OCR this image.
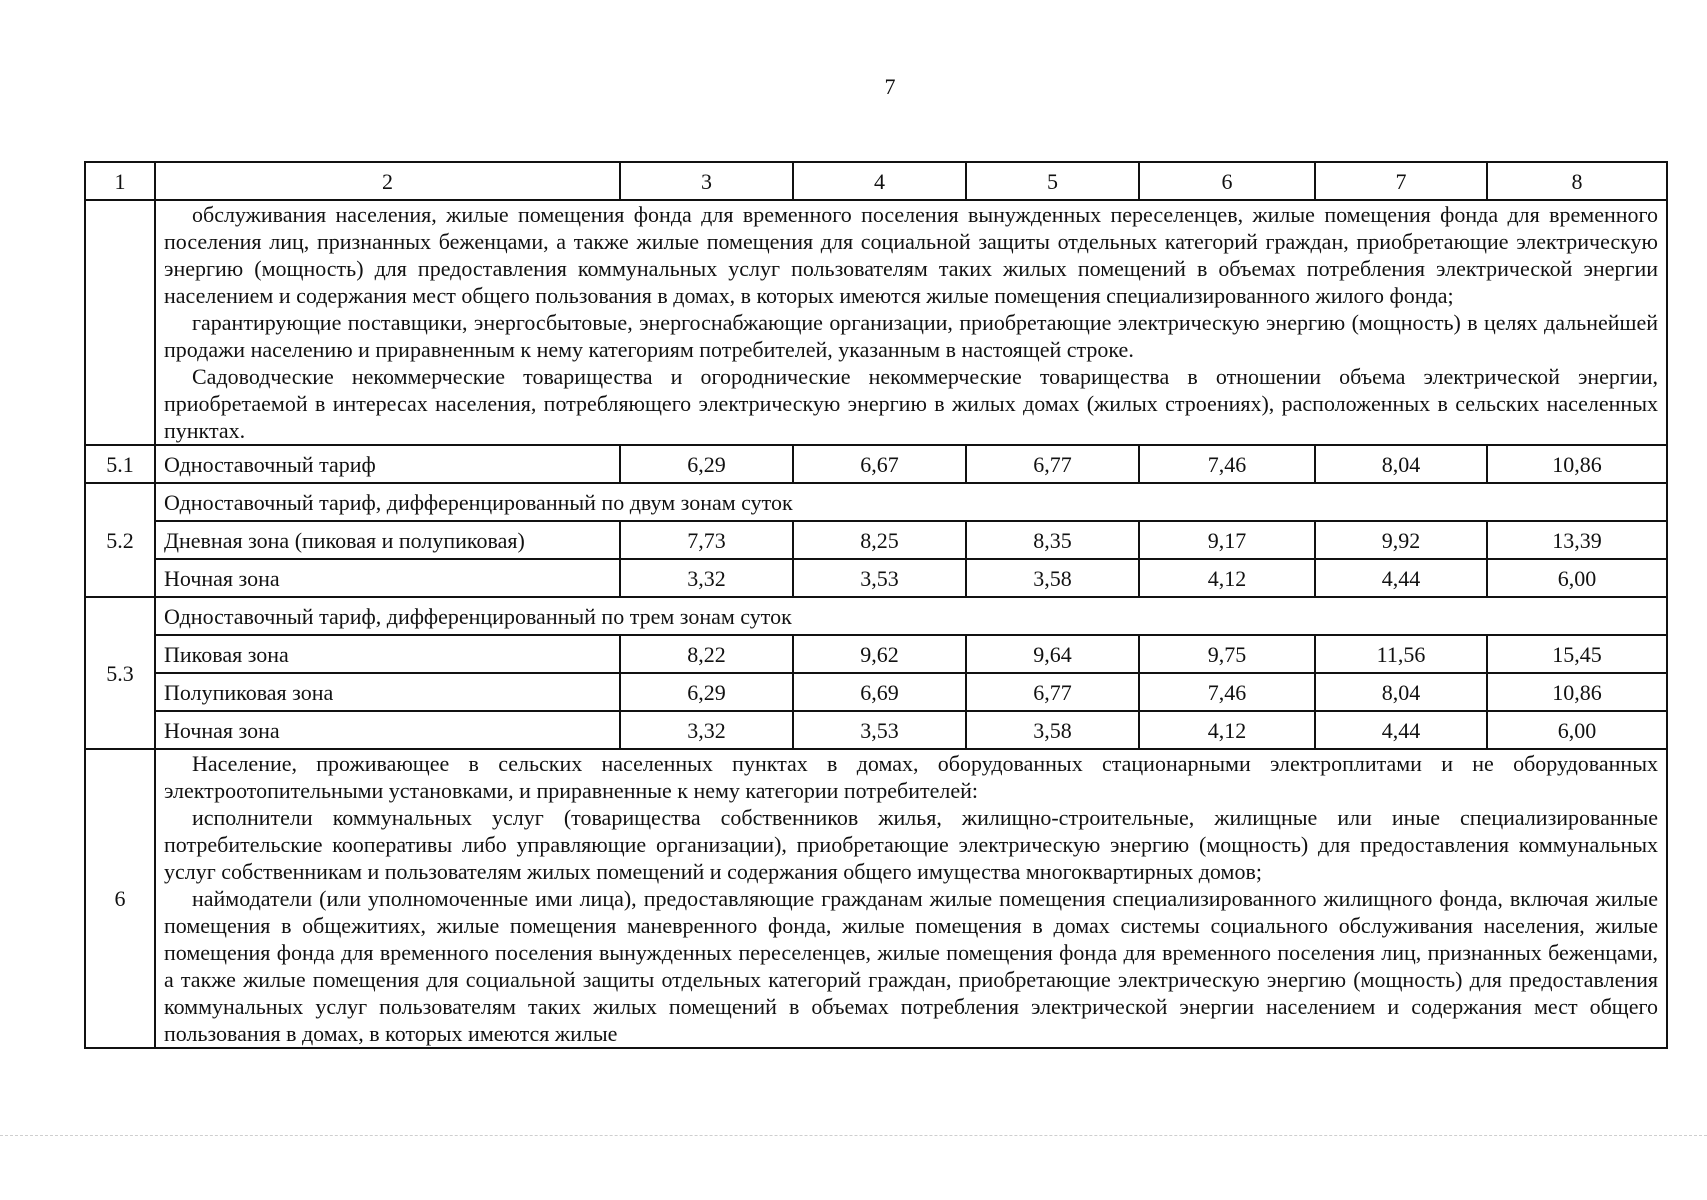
7
1	2	3	4	5	6	7	8

	обслуживания населения, жилые помещения фонда для временного поселения вынужденных переселенцев, жилые помещения фонда для временного поселения лиц, признанных беженцами, а также жилые помещения для социальной защиты отдельных категорий граждан, приобретающие электрическую энергию (мощность) для предоставления коммунальных услуг пользователям таких жилых помещений в объемах потребления электрической энергии населением и содержания мест общего пользования в домах, в которых имеются жилые помещения специализированного жилого фонда;

гарантирующие поставщики, энергосбытовые, энергоснабжающие организации, приобретающие электрическую энергию (мощность) в целях дальнейшей продажи населению и приравненным к нему категориям потребителей, указанным в настоящей строке.

Садоводческие некоммерческие товарищества и огороднические некоммерческие товарищества в отношении объема электрической энергии, приобретаемой в интересах населения, потребляющего электрическую энергию в жилых домах (жилых строениях), расположенных в сельских населенных пунктах.						

5.1	Одноставочный тариф	6,29	6,67	6,77	7,46	8,04	10,86
5.2	Одноставочный тариф, дифференцированный по двум зонам суток						
	Дневная зона (пиковая и полупиковая)	7,73	8,25	8,35	9,17	9,92	13,39
	Ночная зона	3,32	3,53	3,58	4,12	4,44	6,00
5.3	Одноставочный тариф, дифференцированный по трем зонам суток						
	Пиковая зона	8,22	9,62	9,64	9,75	11,56	15,45
	Полупиковая зона	6,29	6,69	6,77	7,46	8,04	10,86
	Ночная зона	3,32	3,53	3,58	4,12	4,44	6,00
6	Население, проживающее в сельских населенных пунктах в домах, оборудованных стационарными электроплитами и не оборудованных электроотопительными установками, и приравненные к нему категории потребителей:

исполнители коммунальных услуг (товарищества собственников жилья, жилищно-строительные, жилищные или иные специализированные потребительские кооперативы либо управляющие организации), приобретающие электрическую энергию (мощность) для предоставления коммунальных услуг собственникам и пользователям жилых помещений и содержания общего имущества многоквартирных домов;

наймодатели (или уполномоченные ими лица), предоставляющие гражданам жилые помещения специализированного жилищного фонда, включая жилые помещения в общежитиях, жилые помещения маневренного фонда, жилые помещения в домах системы социального обслуживания населения, жилые помещения фонда для временного поселения вынужденных переселенцев, жилые помещения фонда для временного поселения лиц, признанных беженцами, а также жилые помещения для социальной защиты отдельных категорий граждан, приобретающие электрическую энергию (мощность) для предоставления коммунальных услуг пользователям таких жилых помещений в объемах потребления электрической энергии населением и содержания мест общего пользования в домах, в которых имеются жилые						
